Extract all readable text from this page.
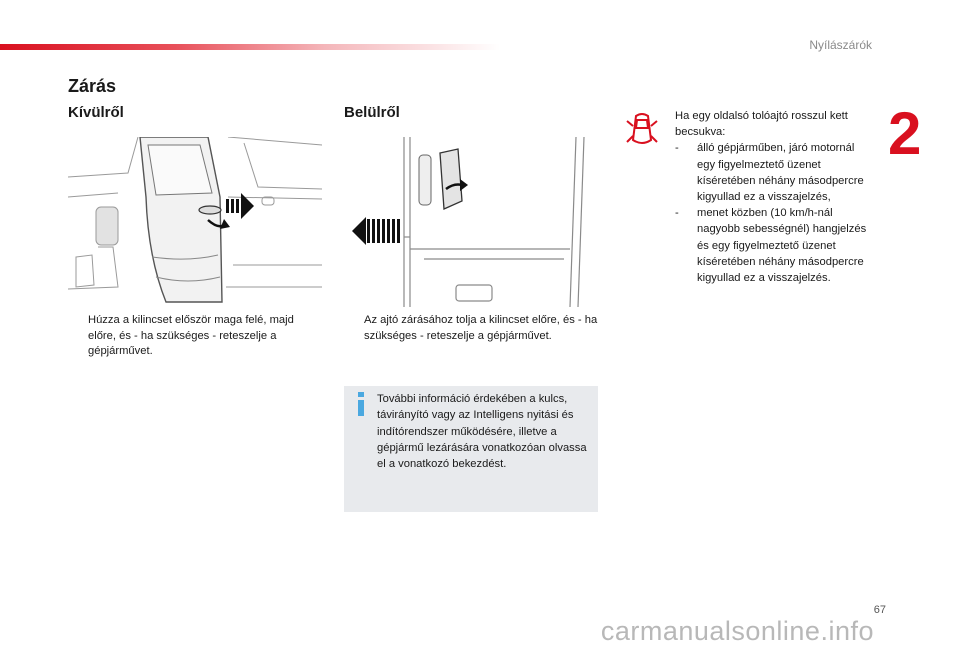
Nyílászárók
2
Zárás
Kívülről
Húzza a kilincset először maga felé, majd előre, és - ha szükséges - reteszelje a gépjárművet.
Belülről
Az ajtó zárásához tolja a kilincset előre, és - ha szükséges - reteszelje a gépjárművet.
További információ érdekében a kulcs, távirányító vagy az Intelligens nyitási és indítórendszer működésére, illetve a gépjármű lezárására vonatkozóan olvassa el a vonatkozó bekezdést.
Ha egy oldalsó tolóajtó rosszul kett becsukva:
- álló gépjárműben, járó motornál egy figyelmeztető üzenet kíséretében néhány másodpercre kigyullad ez a visszajelzés,
- menet közben (10 km/h-nál nagyobb sebességnél) hangjelzés és egy figyelmeztető üzenet kíséretében néhány másodpercre kigyullad ez a visszajelzés.
67
carmanualsonline.info
